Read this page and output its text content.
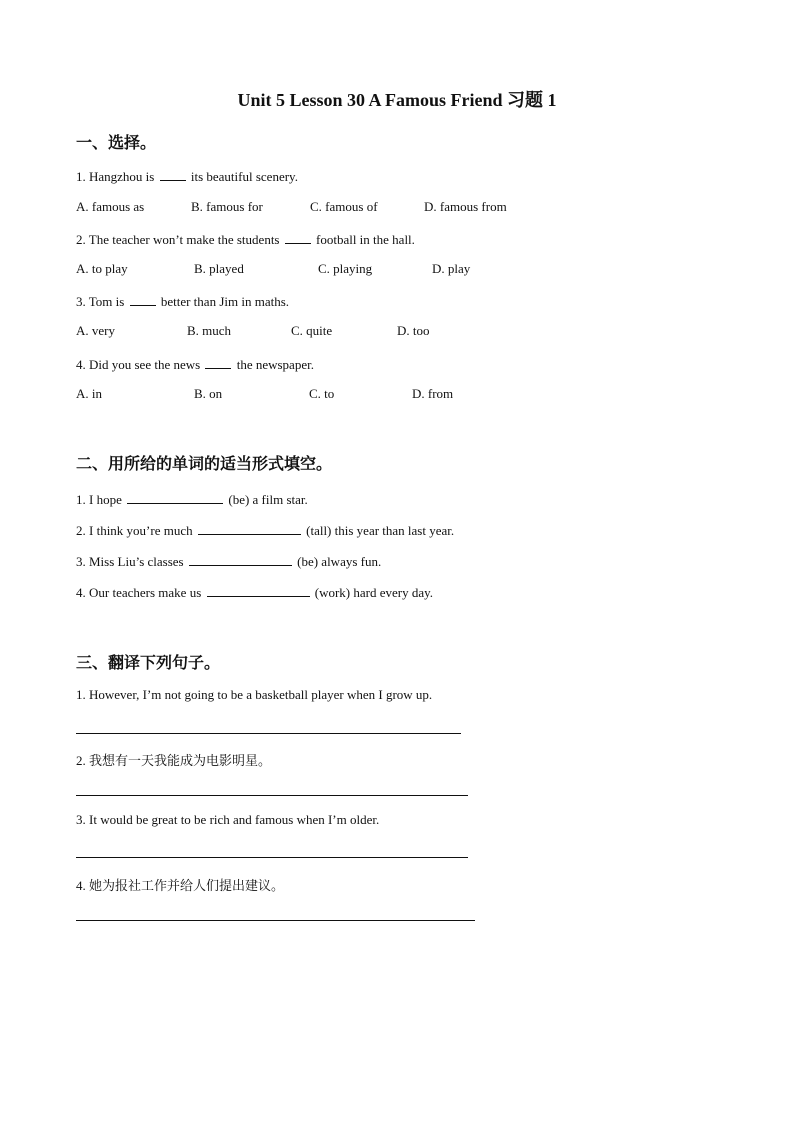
Unit 5 Lesson 30 A Famous Friend 习题 1
一、选择。
1. Hangzhou is	its beautiful scenery.
A. famous as	B. famous for	C. famous of	D. famous from
2. The teacher won’t make the students	football in the hall.
A. to play	B. played	C. playing	D. play
3. Tom is	better than Jim in maths.
A. very	B. much	C. quite	D. too
4. Did you see the news	the newspaper.
A. in	B. on	C. to	D. from
二、用所给的单词的适当形式填空。
1. I hope	(be) a film star.
2. I think you’re much	(tall) this year than last year.
3. Miss Liu’s classes	(be) always fun.
4. Our teachers make us	(work) hard every day.
三、翻译下列句子。
1. However, I’m not going to be a basketball player when I grow up.
2. 我想有一天我能成为电影明星。
3. It would be great to be rich and famous when I’m older.
4. 她为报社工作并给人们提出建议。
